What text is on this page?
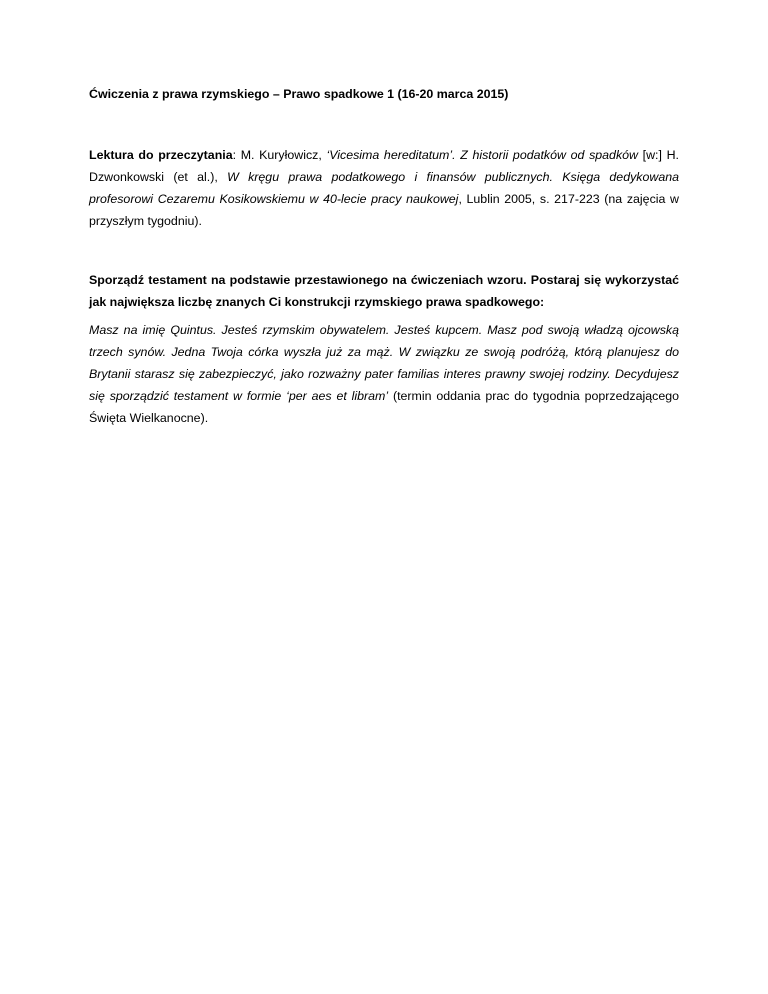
Ćwiczenia z prawa rzymskiego – Prawo spadkowe 1 (16-20 marca 2015)

Lektura do przeczytania: M. Kuryłowicz, ‘Vicesima hereditatum’. Z historii podatków od spadków [w:] H. Dzwonkowski (et al.), W kręgu prawa podatkowego i finansów publicznych. Księga dedykowana profesorowi Cezaremu Kosikowskiemu w 40-lecie pracy naukowej, Lublin 2005, s. 217-223 (na zajęcia w przyszłym tygodniu).

Sporządź testament na podstawie przestawionego na ćwiczeniach wzoru. Postaraj się wykorzystać jak największa liczbę znanych Ci konstrukcji rzymskiego prawa spadkowego:

Masz na imię Quintus. Jesteś rzymskim obywatelem. Jesteś kupcem. Masz pod swoją władzą ojcowską trzech synów. Jedna Twoja córka wyszła już za mąż. W związku ze swoją podróżą, którą planujesz do Brytanii starasz się zabezpieczyć, jako rozważny pater familias interes prawny swojej rodziny. Decydujesz się sporządzić testament w formie ‘per aes et libram’ (termin oddania prac do tygodnia poprzedzającego Święta Wielkanocne).
